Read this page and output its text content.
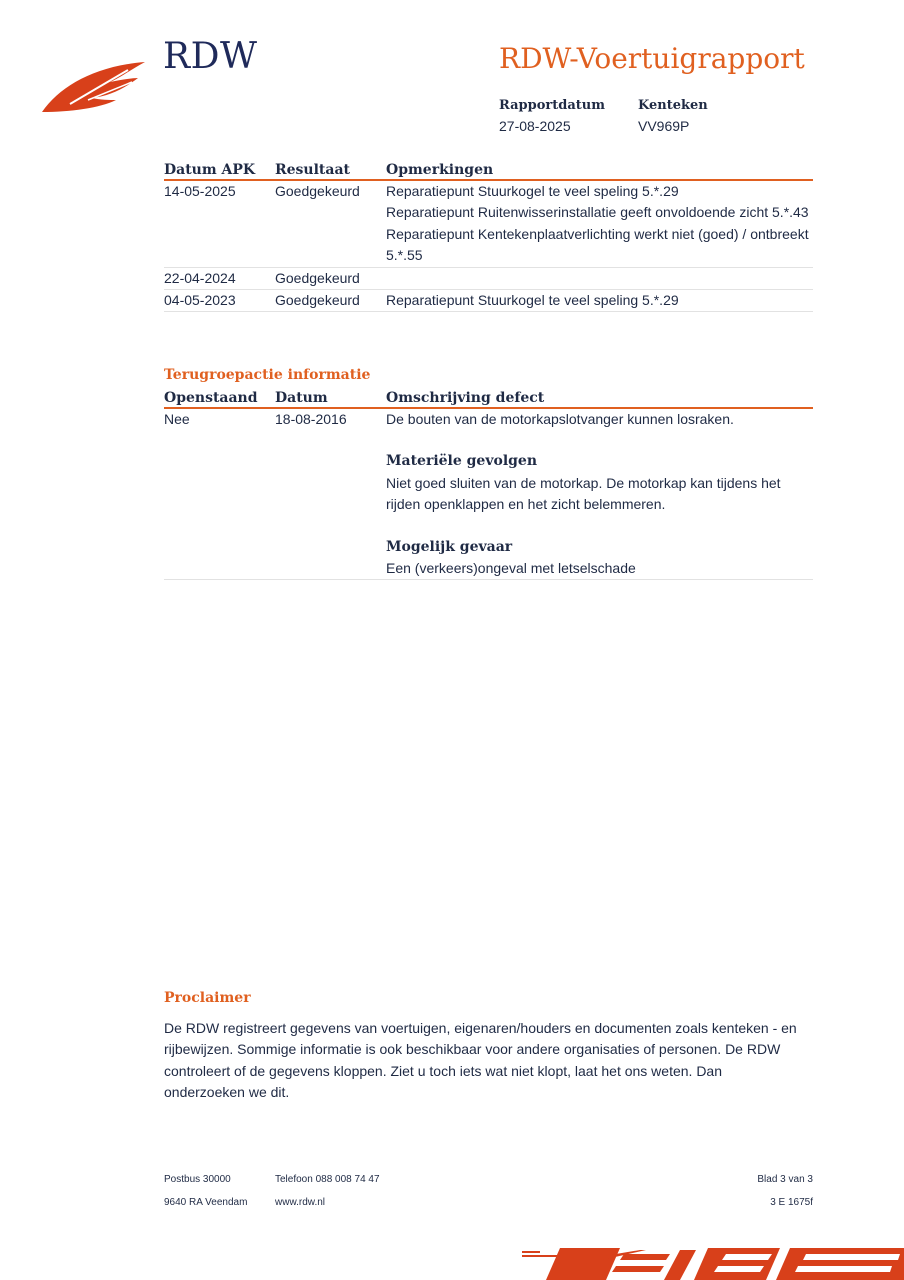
RDW	RDW-Voertuigrapport
Rapportdatum
27-08-2025
Kenteken
VV969P
Datum APK	Resultaat	Opmerkingen
14-05-2025	Goedgekeurd	Reparatiepunt Stuurkogel te veel speling 5.*.29
Reparatiepunt Ruitenwisserinstallatie geeft onvoldoende zicht 5.*.43
Reparatiepunt Kentekenplaatverlichting werkt niet (goed) / ontbreekt 5.*.55
22-04-2024	Goedgekeurd
04-05-2023	Goedgekeurd	Reparatiepunt Stuurkogel te veel speling 5.*.29
Terugroepactie informatie
Openstaand	Datum	Omschrijving defect
Nee	18-08-2016	De bouten van de motorkapslotvanger kunnen losraken.
Materiële gevolgen
Niet goed sluiten van de motorkap. De motorkap kan tijdens het rijden openklappen en het zicht belemmeren.
Mogelijk gevaar
Een (verkeers)ongeval met letselschade
Proclaimer
De RDW registreert gegevens van voertuigen, eigenaren/houders en documenten zoals kenteken - en rijbewijzen. Sommige informatie is ook beschikbaar voor andere organisaties of personen. De RDW controleert of de gegevens kloppen. Ziet u toch iets wat niet klopt, laat het ons weten. Dan onderzoeken we dit.
Postbus 30000
9640 RA Veendam
Telefoon 088 008 74 47
www.rdw.nl
Blad 3 van 3
3 E 1675f
